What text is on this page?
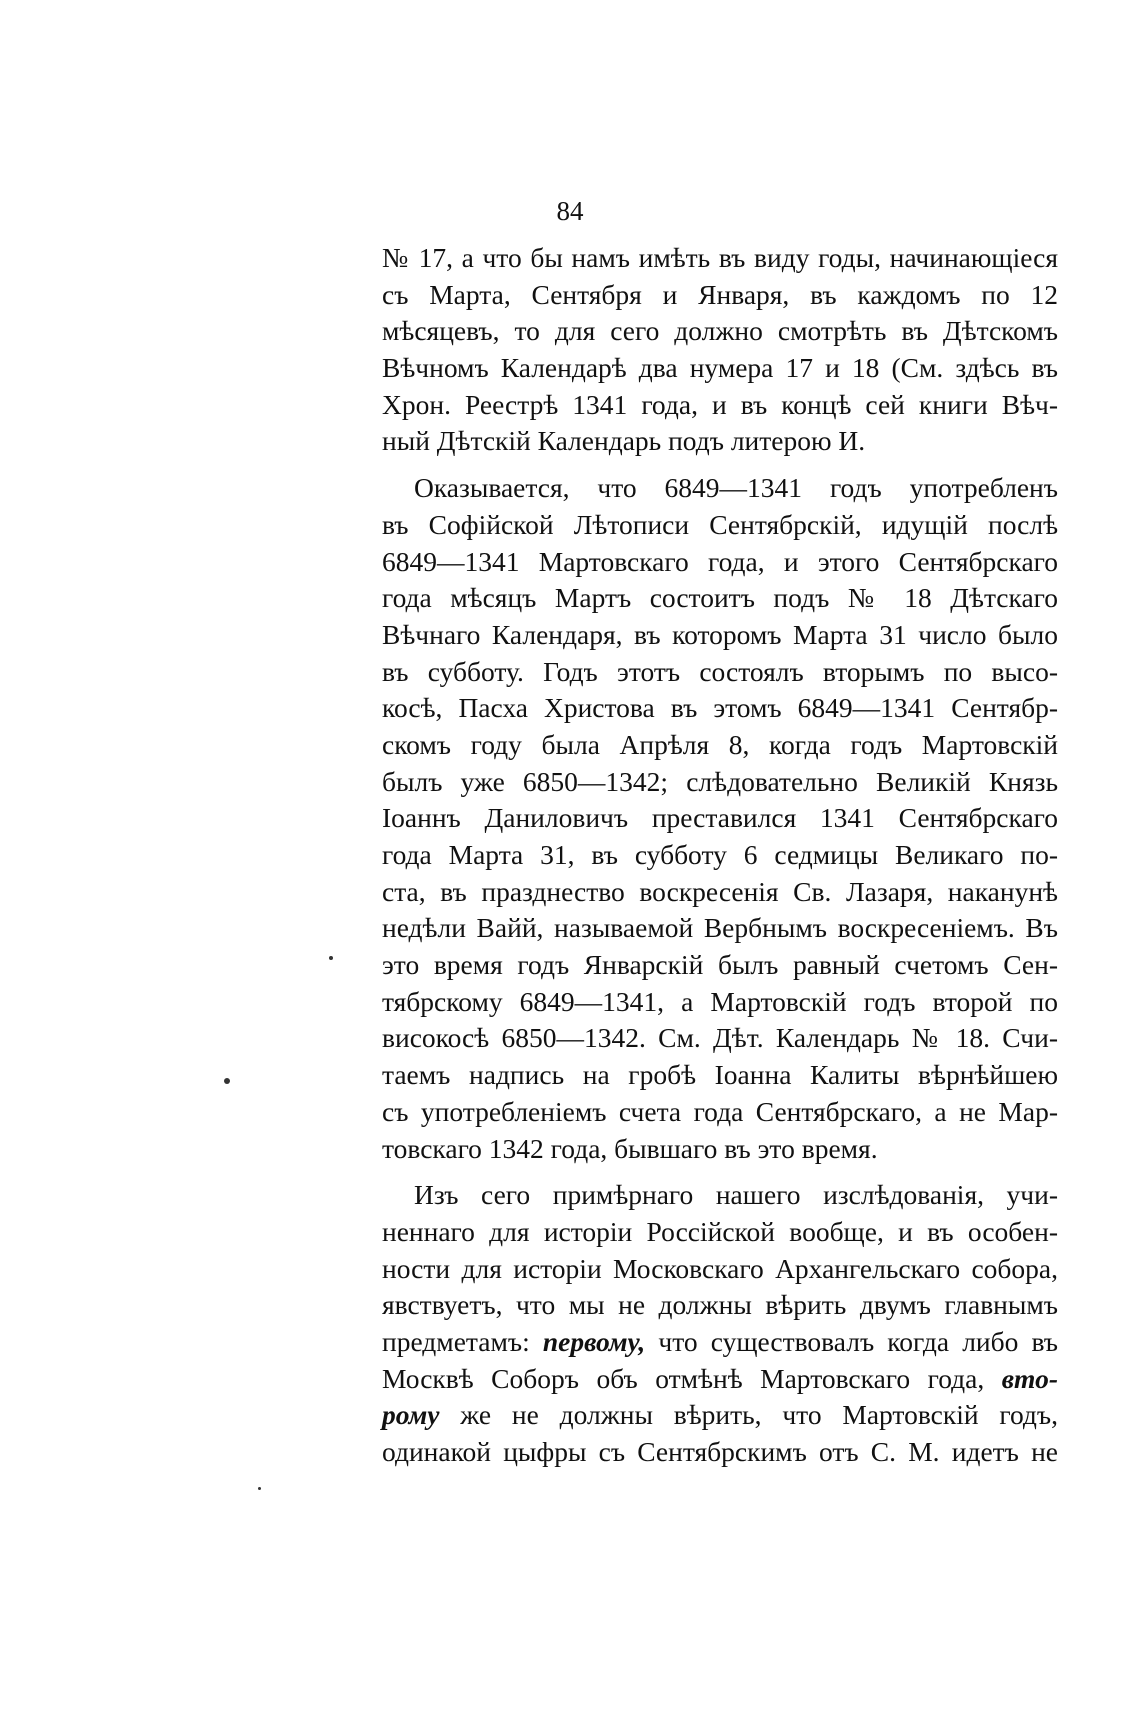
84
№ 17, а что бы намъ имѣть въ виду годы, начинающіеся
съ Марта, Сентября и Января, въ каждомъ по 12
мѣсяцевъ, то для сего должно смотрѣть въ Дѣтскомъ
Вѣчномъ Календарѣ два нумера 17 и 18 (См. здѣсь въ
Хрон. Реестрѣ 1341 года, и въ концѣ сей книги Вѣч-
ный Дѣтскій Календарь подъ литерою И.
Оказывается, что 6849—1341 годъ употребленъ
въ Софійской Лѣтописи Сентябрскій, идущій послѣ
6849—1341 Мартовскаго года, и этого Сентябрскаго
года мѣсяцъ Мартъ состоитъ подъ № 18 Дѣтскаго
Вѣчнаго Календаря, въ которомъ Марта 31 число было
въ субботу. Годъ этотъ состоялъ вторымъ по высо-
косѣ, Пасха Христова въ этомъ 6849—1341 Сентябр-
скомъ году была Апрѣля 8, когда годъ Мартовскій
былъ уже 6850—1342; слѣдовательно Великій Князь
Іоаннъ Даниловичъ преставился 1341 Сентябрскаго
года Марта 31, въ субботу 6 седмицы Великаго по-
ста, въ празднество воскресенія Св. Лазаря, наканунѣ
недѣли Вайй, называемой Вербнымъ воскресеніемъ. Въ
это время годъ Январскій былъ равный счетомъ Сен-
тябрскому 6849—1341, а Мартовскій годъ второй по
високосѣ 6850—1342. См. Дѣт. Календарь № 18. Счи-
таемъ надпись на гробѣ Іоанна Калиты вѣрнѣйшею
съ употребленіемъ счета года Сентябрскаго, а не Мар-
товскаго 1342 года, бывшаго въ это время.
Изъ сего примѣрнаго нашего изслѣдованія, учи-
неннаго для исторіи Россійской вообще, и въ особен-
ности для исторіи Московскаго Архангельскаго собора,
явствуетъ, что мы не должны вѣрить двумъ главнымъ
предметамъ: первому, что существовалъ когда либо въ
Москвѣ Соборъ объ отмѣнѣ Мартовскаго года, вто-
рому же не должны вѣрить, что Мартовскій годъ,
одинакой цыфры съ Сентябрскимъ отъ С. М. идетъ не
